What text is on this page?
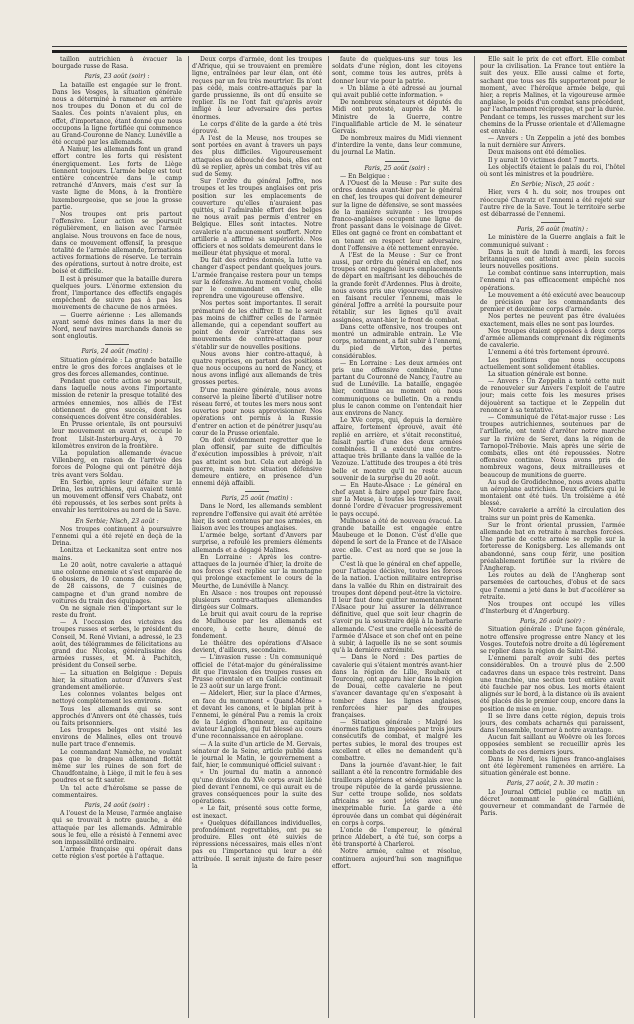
taillon autrichien à évacuer la bourgade russe de Rasa.

Paris, 23 août (soir) :

La bataille est engagée sur le front. Dans les Vosges, la situation générale nous a déterminé à ramener en arrière nos troupes du Donon et du col de Saales. Ces points n'avaient plus, en effet, d'importance, étant donné que nous occupons la ligne fortifiée qui commence au Grand-Couronne de Nancy. Lunéville a été occupé par les allemands.

A Namur, les allemands font un grand effort contre les forts qui résistent énergiquement. Les forts de Liège tiennent toujours. L'armée belge est tout entière concentrée dans le camp retranché d'Anvers, mais c'est sur la vaste ligne de Mons, à la frontière luxembourgeoise, que se joue la grosse partie.

Nos troupes ont pris partout l'offensive. Leur action se poursuit régulièrement, en liaison avec l'armée anglaise. Nous trouvons en face de nous, dans ce mouvement offensif, la presque totalité de l'armée allemande, formations actives formations de réserve. Le terrain des opérations, surtout à notre droite, est boisé et difficile.

Il est à présumer que la bataille durera quelques jours. L'énorme extension du front, l'importance des effectifs engagés empêchent de suivre pas à pas les mouvements de chacune de nos armées.

— Guerre aérienne : Les allemands ayant semé des mines dans la mer du Nord, neuf navires marchands danois se sont engloutis.

Paris, 24 août (matin) :

Situation générale : La grande bataille entre le gros des forces anglaises et le gros des forces allemandes, continue.

Pendant que cette action se poursuit, dans laquelle nous avons l'importante mission de retenir la presque totalité des armées ennemies, nos alliés de l'Est obtiennent de gros succès, dont les conséquences doivent être considérables.

En Prusse orientale, ils ont poursuivi leur mouvement en avant et occupé le front Lilsit-Insterburg-Arys, à 70 kilomètres environ de la frontière.

La population allemande évacue Villenberg, en raison de l'arrivée des forces de Pologne qui ont pénétré déjà très avant vers Soldau.

En Serbie, après leur défaite sur la Drina, les autrichiens, qui avaient tenté un mouvement offensif vers Chabatz, ont été repoussés, et les serbes sont prêts à envahir les territoires au nord de la Save.

En Serbie; Nisch, 23 août :

Nos troupes continuent à poursuivre l'ennemi qui a été rejeté en deçà de la Drina.

Lonitza et Leckanitza sont entre nos mains.

Le 20 août, notre cavalerie a attaqué une colonne ennemie et s'est emparée de 6 obusiers, de 10 canons de campagne, de 28 caissons, de 7 cuisines de campagne et d'un grand nombre de voitures du train des équipages.

On ne signale rien d'important sur le reste du front.

— A l'occasion des victoires des troupes russes et serbes, le président du Conseil, M. René Viviani, a adressé, le 23 août, des télégrammes de félicitations au grand duc Nicolas, généralissime des armées russes, et M. à Pachitch, président du Conseil serbe.

— La situation en Belgique : Depuis hier, la situation autour d'Anvers s'est grandement améliorée.

Les colonnes volantes belges ont nettoyé complètement les environs.

Tous les allemands qui se sont approchés d'Anvers ont été chassés, tués ou faits prisonniers.

Les troupes belges ont visité les environs de Malines, elles ont trouvé nulle part trace d'ennemis.

Le commandant Namèche, ne voulant pas que le drapeau allemand flottât même sur les ruines de son fort de Chaudfontaine, à Liège, il mit le feu à ses poudres et se fit sauter.

Un tel acte d'héroïsme se passe de commentaires.

Paris, 24 août (soir) :

A l'ouest de la Meuse, l'armée anglaise qui se trouvait à notre gauche, a été attaquée par les allemands. Admirable sous le feu, elle a résisté à l'ennemi avec son impassibilité ordinaire.

L'armée française qui opérait dans cette région s'est portée à l'attaque.

Deux corps d'armée, dont les troupes d'Afrique, qui se trouvaient en première ligne, entraînées par leur élan, ont été reçues par un feu très meurtrier. Ils n'ont pas cédé, mais contre-attaqués par la garde prussienne, ils ont dû ensuite se replier. Ils ne l'ont fait qu'après avoir infligé à leur adversaire des pertes énormes.

Le corps d'élite de la garde a été très éprouvé.

A l'est de la Meuse, nos troupes se sont portées en avant à travers un pays des plus difficiles. Vigoureusement attaquées au débouché des bois, elles ont dû se replier, après un combat très vif au sud de Semy.

Sur l'ordre du général Joffre, nos troupes et les troupes anglaises ont pris position sur les emplacements de couverture qu'elles n'auraient pas quittés, si l'admirable effort des belges ne nous avait pas permis d'entrer en Belgique. Elles sont intactes. Notre cavalerie n'a aucunement souffert. Notre artillerie a affirmé sa supériorité. Nos officiers et nos soldats demeurent dans le meilleur état physique et moral.

Du fait des ordres donnés, la lutte va changer d'aspect pendant quelques jours. L'armée française restera pour un temps sur la défensive. Au moment voulu, choisi par le commandant en chef, elle reprendra une vigoureuse offensive.

Nos pertes sont importantes. Il serait prématuré de les chiffrer. Il ne le serait pas moins de chiffrer celles de l'armée allemande, qui a cependant souffert au point de devoir s'arrêter dans ses mouvements de contre-attaque pour s'établir sur de nouvelles positions.

Nous avons hier contre-attaqué, à quatre reprises, en partant des positions que nous occupons au nord de Nancy, et nous avons infligé aux allemands de très grosses pertes.

D'une manière générale, nous avons conservé la pleine liberté d'utiliser notre réseau ferré, et toutes les mers nous sont ouvertes pour nous approvisionner. Nos opérations ont permis à la Russie d'entrer en action et de pénétrer jusqu'au cœur de la Prusse orientale.

On doit évidemment regretter que le plan offensif, par suite de difficultés d'exécution impossibles à prévoir, n'ait pas atteint son but. Cela eut abrégé la guerre, mais notre situation défensive demeure entière, en présence d'un ennemi déjà affaibli.

Paris, 25 août (matin) :

Dans le Nord, les allemands semblent reprendre l'offensive qui avait été arrêtée hier, ils sont contenus par nos armées, en liaison avec les troupes anglaises.

L'armée belge, sortant d'Anvers par surprise, a refoulé les premiers éléments allemands et a dégagé Malines.

En Lorraine : Après les contre-attaques de la journée d'hier, la droite de nos forces s'est repliée sur la montagne qui prolonge exactement le cours de la Meurthe, de Lunéville à Nancy.

En Alsace : nos troupes ont repoussé plusieurs contre-attaques allemandes dirigées sur Colmars.

Le bruit qui avait couru de la reprise de Mulhouse par les allemands est encore, à cette heure, dénué de fondement.

Le théâtre des opérations d'Alsace devient, d'ailleurs, secondaire.

— L'invasion russe : Un communiqué officiel de l'état-major du généralissime dit que l'invasion des troupes russes en Prusse orientale et en Galicie continuait le 23 août sur un large front.

— Aïdelert, Hier, sur la place d'Armes, en face du monument « Quand-Même » et devant les canons, et le biplan prit à l'ennemi, le général Pau a remis la croix de la Légion d'honneur, au capitaine aviateur Langlois, qui fut blessé au cours d'une reconnaissance en aéroplane.

— A la suite d'un article de M. Gervais, sénateur de la Seine, article publié dans le journal le Matin, le gouvernement a fait, hier, le communiqué officiel suivant :

« Un journal du matin a annoncé qu'une division du XVe corps avait lâché pied devant l'ennemi, ce qui aurait eu de graves conséquences pour la suite des opérations.

« Le fait, présenté sous cette forme, est inexact.

« Quelques défaillances individuelles, profondément regrettables, ont pu se produire. Elles ont été suivies de répressions nécessaires, mais elles n'ont pas eu l'importance qui leur a été attribuée. Il serait injuste de faire peser la

faute de quelques-uns sur tous les soldats d'une région, dont les citoyens sont, comme tous les autres, prêts à donner leur vie pour la patrie.

« Un blâme a été adressé au journal qui avait publié cette information. »

De nombreux sénateurs et députés du Midi ont protesté, auprès de M. le Ministre de la Guerre, contre l'inqualifiable article de M. le sénateur Gervais.

De nombreux maires du Midi viennent d'interdire la vente, dans leur commune, du journal Le Matin.

Paris, 25 août (soir) :

— En Belgique :

A l'Ouest de la Meuse : Par suite des ordres donnés avant-hier par le général en chef, les troupes qui doivent demeurer sur la ligne de défensive, se sont massées de la manière suivante : les troupes franco-anglaises occupent une ligne de front passant dans le voisinage de Givet. Elles ont gagné ce front en combattant et en tenant en respect leur adversaire, dont l'offensive a été nettement enrayée.

A l'Est de la Meuse : Sur ce front aussi, par ordre du général en chef, nos troupes ont regagné leurs emplacements de départ en maîtrisant les débouchés de la grande forêt d'Ardennes. Plus à droite, nous avons pris une vigoureuse offensive en faisant reculer l'ennemi, mais le général Joffre a arrêté la poursuite pour rétablir, sur les lignes qu'il avait assignées, avant-hier, le front de combat.

Dans cette offensive, nos troupes ont montré un admirable entrain. Le VIe corps, notamment, a fait subir à l'ennemi, du pied de Virton, des pertes considérables.

— En Lorraine : Les deux armées ont pris une offensive combinée, l'une partant du Couronné de Nancy, l'autre au sud de Lunéville. La bataille, engagée hier, continue au moment où nous communiquons ce bulletin. On a rendu plus le canon comme on l'entendait hier aux environs de Nancy.

Le XVe corps, qui, depuis la dernière affaire, fortement éprouvé, avait été replié en arrière, et s'était reconstitué, faisait partie d'une des deux armées combinées. Il a exécuté une contre-attaque très brillante dans la vallée de la Vezouze. L'attitude des troupes a été très belle et montre qu'il ne reste aucun souvenir de la surprise du 20 août.

— En Haute-Alsace : Le général en chef ayant à faire appel pour faire face, sur la Meuse, à toutes les troupes, avait donné l'ordre d'évacuer progressivement le pays occupé.

Mulhouse a été de nouveau évacué. La grande bataille est engagée entre Maubeuge et le Donon. C'est d'elle que dépend le sort de la France et de l'Alsace avec elle. C'est au nord que se joue la partie.

C'est là que le général en chef appelle, pour l'attaque décisive, toutes les forces de la nation. L'action militaire entreprise dans la vallée du Rhin en distrairait des troupes dont dépend peut-être la victoire. Il leur faut donc quitter momentanément l'Alsace pour lui assurer la délivrance définitive, quel que soit leur chagrin de s'avoir pu la soustraire déjà à la barbarie allemande. C'est une cruelle nécessité de l'armée d'Alsace et son chef ont en peine à subir, à laquelle ils ne se sont soumis qu'à la dernière extrémité.

— Dans le Nord : Des parties de cavalerie qui s'étaient montrés avant-hier dans la région de Lille, Roubaix et Tourcoing, ont apparu hier dans la région de Douai, cette cavalerie ne peut s'avancer davantage qu'en s'exposant à tomber dans les lignes anglaises, renforcées hier par des troupes françaises.

— Situation générale : Malgré les énormes fatigues imposées par trois jours consécutifs de combat, et malgré les pertes subies, le moral des troupes est excellent et elles ne demandent qu'à combattre.

Dans la journée d'avant-hier, le fait saillant a été la rencontre formidable des tirailleurs algériens et sénégalais avec la troupe réputée de la garde prussienne. Sur cette troupe solide, nos soldats africains se sont jetés avec une inexprimable furie. La garde a été éprouvée dans un combat qui dégénérait en corps à corps.

L'oncle de l'empereur, le général prince Aldebert, a été tué, son corps a été transporté à Charleroi.

Notre armée, calme et résolue, continuera aujourd'hui son magnifique effort.

Elle sait le prix de cet effort. Elle combat pour la civilisation. La France tout entière la suit des yeux. Elle aussi calme et forte, sachant que tous ses fils supporteront pour le moment, avec l'héroïque armée belge, qui hier, a repris Malines, et la vigoureuse armée anglaise, le poids d'un combat sans précédent, par l'acharnement réciproque, et par la durée. Pendant ce temps, les russes marchent sur les chemins de la Prusse orientale et d'Allemagne est envahie.

— Anvers : Un Zeppelin a jeté des bombes la nuit dernière sur Anvers.

Deux maisons ont été démolies.

Il y aurait 10 victimes dont 7 morts.

Les objectifs étaient le palais du roi, l'hôtel où sont les ministres et la poudrière.

En Serbie; Nisch, 25 août :

Hier, vers 4 h. du soir, nos troupes ont réoccupé Chavatz et l'ennemi a été rejeté sur l'autre rive de la Save. Tout le territoire serbe est débarrassé de l'ennemi.

Paris, 26 août (matin) :

Le ministère de la Guerre anglais a fait le communiqué suivant :

Dans la nuit de lundi à mardi, les forces britanniques ont atteint avec plein succès leurs nouvelles positions.

Le combat continue sans interruption, mais l'ennemi n'a pas efficacement empêché nos opérations.

Le mouvement a été exécuté avec beaucoup de précision par les commandants des premier et deuxième corps d'armée.

Nos pertes ne peuvent pas être évaluées exactement, mais elles ne sont pas lourdes.

Nos troupes étaient opposées à deux corps d'armée allemands comprenant dix régiments de cavalerie.

L'ennemi a été très fortement éprouvé.

Les positions que nous occupons actuellement sont solidement établies.

La situation générale est bonne.

— Anvers : Un Zeppelin a tenté cette nuit de renouveler sur Anvers l'exploit de l'autre jour; mais cette fois les mesures prises déjouèrent sa tactique et le Zeppelin dut renoncer à sa tentative.

— Communiqué de l'état-major russe : Les troupes autrichiennes, soutenues par de l'artillerie, ont tenté d'arrêter notre marche sur la rivière de Seret, dans la région de Tarnopol-Trébovie. Mais après une série de combats, elles ont été repoussées. Notre offensive continue. Nous avons pris de nombreux wagons, deux mitrailleuses et beaucoup de munitions de guerre.

Au sud de Grodidechnoe, nous avons abattu un aéroplane autrichien. Deux officiers qui le montaient ont été tués. Un troisième a été blessé.

Notre cavalerie a arrêté la circulation des trains sur un point près de Kamenka.

Sur le front oriental prussien, l'armée allemande bat en retraite à marches forcées. Une partie de cette armée se replie sur la forteresse de Konigsberg. Les allemands ont abandonné, sans coup férir, une position préalablement fortifiée sur la rivière de l'Angherap.

Les routes au delà de l'Angherap sont parsemées de cartouches, d'obus et de sacs que l'ennemi a jeté dans le but d'accélérer sa retraite.

Nos troupes ont occupé les villes d'Insterburg et d'Angerburg.

Paris, 26 août (soir) :

Situation générale : D'une façon générale, notre offensive progresse entre Nancy et les Vosges. Toutefois notre droite a dû légèrement se replier dans la région de Saint-Dié.

L'ennemi paraît avoir subi des pertes considérables. On a trouvé plus de 2.500 cadavres dans un espace très restreint. Dans une tranchée, une section tout entière avait été fauchée par nos obus. Les morts étaient alignés sur le bord, à la distance où ils avaient été placés dès le premier coup, encore dans la position de mise en joue.

Il se livre dans cette région, depuis trois jours, des combats acharnés qui paraissent, dans l'ensemble, tourner à notre avantage.

Aucun fait saillant au Woëvre où les forces opposées semblent se recueillir après les combats de ces derniers jours.

Dans le Nord, les lignes franco-anglaises ont été légèrement ramenées en arrière. La situation générale est bonne.

Paris, 27 août, 2 h. 30 matin :

Le Journal Officiel publie ce matin un décret nommant le général Galliéni, gouverneur et commandant de l'armée de Paris.
